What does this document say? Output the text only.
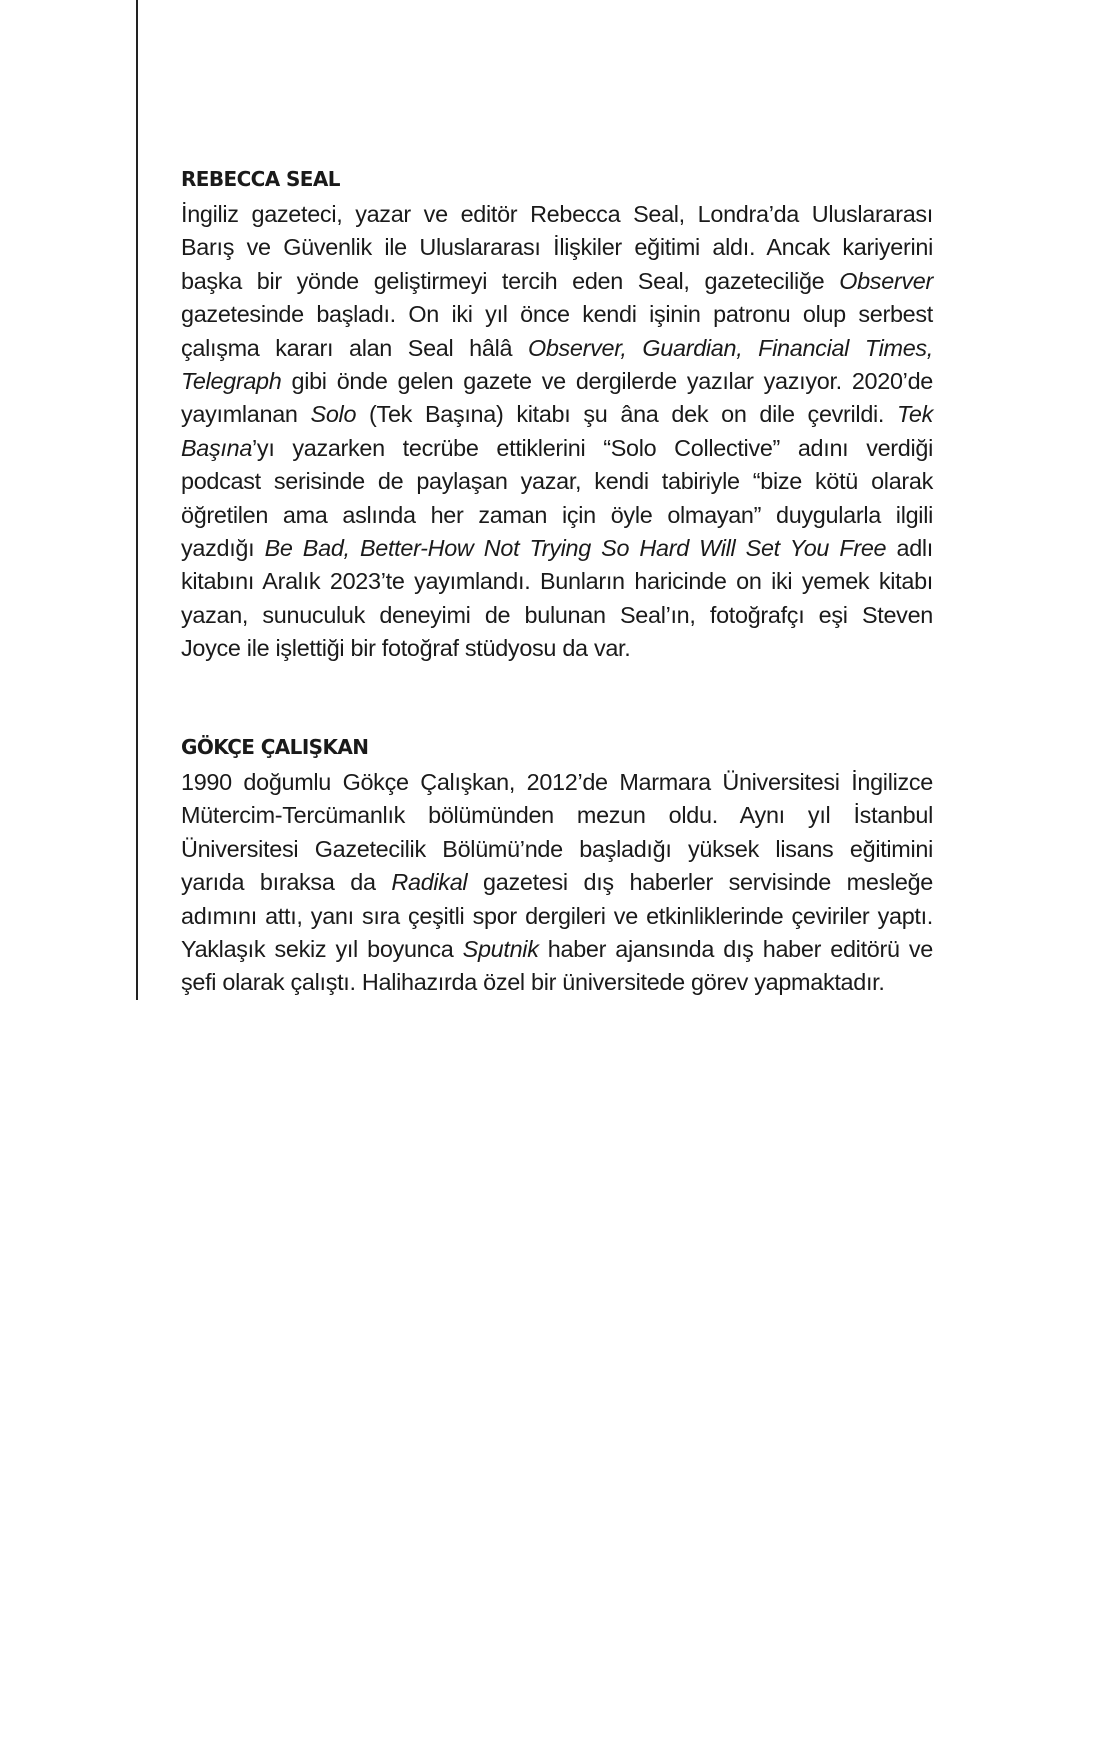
REBECCA SEAL

İngiliz gazeteci, yazar ve editör Rebecca Seal, Londra’da Uluslararası Barış ve Güvenlik ile Uluslararası İlişkiler eğitimi aldı. Ancak kariyerini başka bir yönde geliştirmeyi tercih eden Seal, gazeteciliğe Observer gazetesinde başladı. On iki yıl önce kendi işinin patronu olup serbest çalışma kararı alan Seal hâlâ Observer, Guardian, Financial Times, Telegraph gibi önde gelen gazete ve dergilerde yazılar yazıyor. 2020’de yayımlanan Solo (Tek Başına) kitabı şu âna dek on dile çevrildi. Tek Başına’yı yazarken tecrübe ettiklerini “Solo Collective” adını verdiği podcast serisinde de paylaşan yazar, kendi tabiriyle “bize kötü olarak öğretilen ama aslında her zaman için öyle olmayan” duygularla ilgili yazdığı Be Bad, Better-How Not Trying So Hard Will Set You Free adlı kitabını Aralık 2023’te yayımlandı. Bunların haricinde on iki yemek kitabı yazan, sunuculuk deneyimi de bulunan Seal’ın, fotoğrafçı eşi Steven Joyce ile işlettiği bir fotoğraf stüdyosu da var.

GÖKÇE ÇALIŞKAN

1990 doğumlu Gökçe Çalışkan, 2012’de Marmara Üniversitesi İngilizce Mütercim-Tercümanlık bölümünden mezun oldu. Aynı yıl İstanbul Üniversitesi Gazetecilik Bölümü’nde başladığı yüksek lisans eğitimini yarıda bıraksa da Radikal gazetesi dış haberler servisinde mesleğe adımını attı, yanı sıra çeşitli spor dergileri ve etkinliklerinde çeviriler yaptı. Yaklaşık sekiz yıl boyunca Sputnik haber ajansında dış haber editörü ve şefi olarak çalıştı. Halihazırda özel bir üniversitede görev yapmaktadır.
